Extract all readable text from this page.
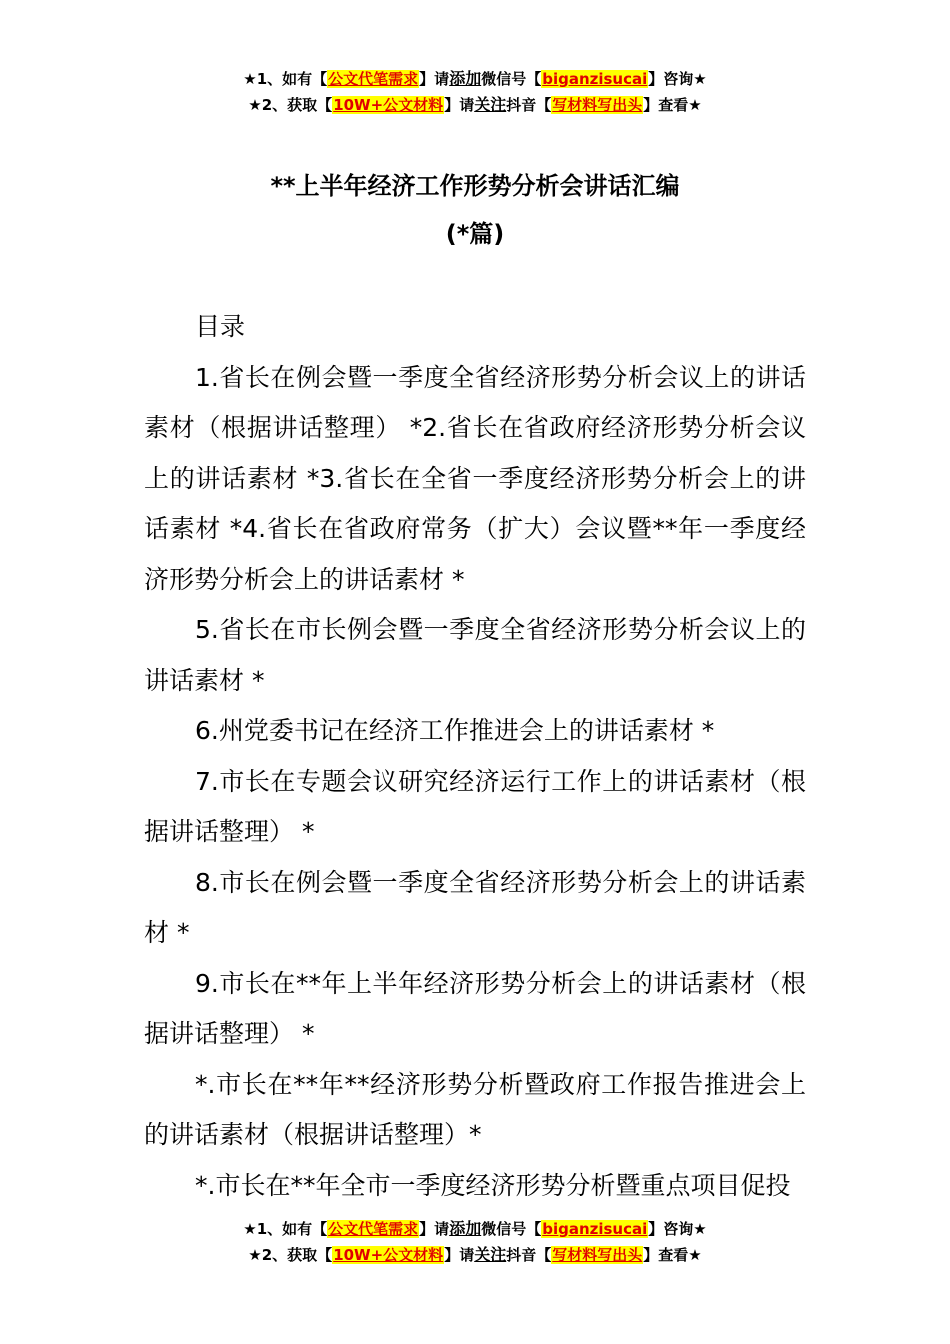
★1、如有【公文代笔需求】请添加微信号【biganzisucai】咨询★
★2、获取【10W+公文材料】请关注抖音【写材料写出头】查看★
**上半年经济工作形势分析会讲话汇编
(*篇)
目录

1.省长在例会暨一季度全省经济形势分析会议上的讲话素材（根据讲话整理） *2.省长在省政府经济形势分析会议上的讲话素材 *3.省长在全省一季度经济形势分析会上的讲话素材 *4.省长在省政府常务（扩大）会议暨**年一季度经济形势分析会上的讲话素材 *

5.省长在市长例会暨一季度全省经济形势分析会议上的讲话素材 *

6.州党委书记在经济工作推进会上的讲话素材 *

7.市长在专题会议研究经济运行工作上的讲话素材（根据讲话整理） *

8.市长在例会暨一季度全省经济形势分析会上的讲话素材 *

9.市长在**年上半年经济形势分析会上的讲话素材（根据讲话整理） *

*.市长在**年**经济形势分析暨政府工作报告推进会上的讲话素材（根据讲话整理）*

*.市长在**年全市一季度经济形势分析暨重点项目促投

★1、如有【公文代笔需求】请添加微信号【biganzisucai】咨询★
★2、获取【10W+公文材料】请关注抖音【写材料写出头】查看★
